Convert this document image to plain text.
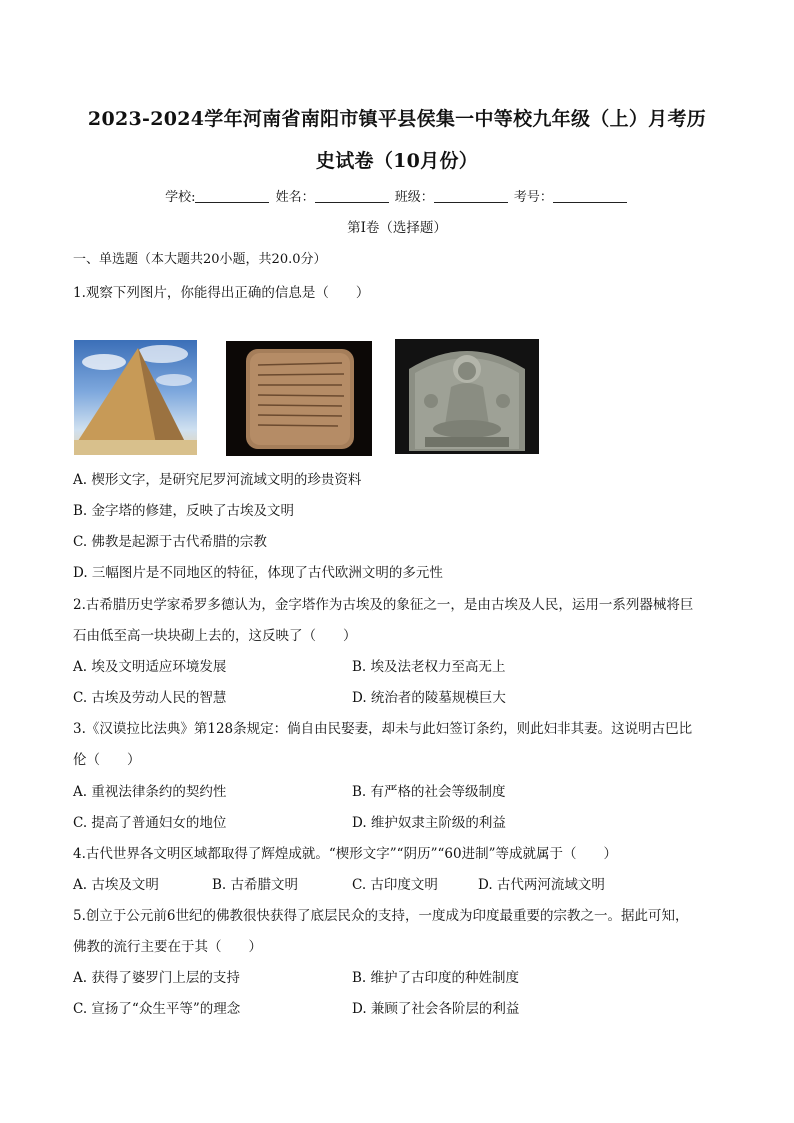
2023-2024学年河南省南阳市镇平县侯集一中等校九年级（上）月考历
史试卷（10月份）
学校:	姓名：	班级：	考号：
第I卷（选择题）
一、单选题（本大题共20小题，共20.0分）
1.观察下列图片，你能得出正确的信息是（　　）
A. 楔形文字，是研究尼罗河流域文明的珍贵资料
B. 金字塔的修建，反映了古埃及文明
C. 佛教是起源于古代希腊的宗教
D. 三幅图片是不同地区的特征，体现了古代欧洲文明的多元性
2.古希腊历史学家希罗多德认为，金字塔作为古埃及的象征之一，是由古埃及人民，运用一系列器械将巨
石由低至高一块块砌上去的，这反映了（　　）
A. 埃及文明适应环境发展	B. 埃及法老权力至高无上
C. 古埃及劳动人民的智慧	D. 统治者的陵墓规模巨大
3.《汉谟拉比法典》第128条规定：倘自由民娶妻，却未与此妇签订条约，则此妇非其妻。这说明古巴比
伦（　　）
A. 重视法律条约的契约性	B. 有严格的社会等级制度
C. 提高了普通妇女的地位	D. 维护奴隶主阶级的利益
4.古代世界各文明区域都取得了辉煌成就。“楔形文字”“阴历”“60进制”等成就属于（　　）
A. 古埃及文明	B. 古希腊文明	C. 古印度文明	D. 古代两河流域文明
5.创立于公元前6世纪的佛教很快获得了底层民众的支持，一度成为印度最重要的宗教之一。据此可知，
佛教的流行主要在于其（　　）
A. 获得了婆罗门上层的支持	B. 维护了古印度的种姓制度
C. 宣扬了“众生平等”的理念	D. 兼顾了社会各阶层的利益
